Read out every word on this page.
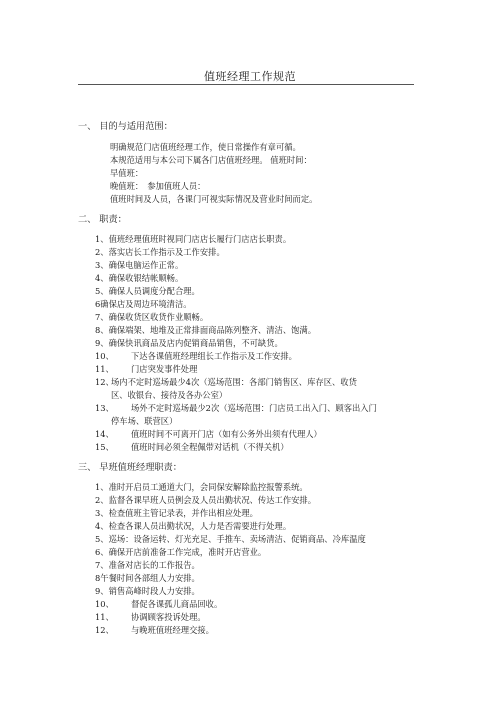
值班经理工作规范
一、 目的与适用范围：
明确规范门店值班经理工作，使日常操作有章可循。
本规范适用与本公司下属各门店值班经理。 值班时间：
早值班：
晚值班：　参加值班人员：
值班时间及人员，各课门可视实际情况及营业时间而定。
二、 职责：
1、值班经理值班时视同门店店长履行门店店长职责。
2、落实店长工作指示及工作安排。
3、确保电脑运作正常。
4、确保收银结帐顺畅。
5、确保人员调度分配合理。
6确保店及周边环境清洁。
7、确保收货区收货作业顺畅。
8、确保端架、地堆及正常排面商品陈列整齐、清洁、饱满。
9、确保快讯商品及店内促销商品销售，不可缺货。
10、 下达各课值班经理组长工作指示及工作安排。
11、 门店突发事件处理
12、场内不定时巡场最少4次（巡场范围：各部门销售区、库存区、收货
区、收银台、接待及各办公室）
13、 场外不定时巡场最少2次（巡场范围：门店员工出入门、顾客出入门
停车场、联营区）
14、 值班时间不可离开门店（如有公务外出须有代理人）
15、 值班时间必须全程佩带对话机（不得关机）
三、 早班值班经理职责：
1、准时开启员工通道大门，会同保安解除监控报警系统。
2、监督各课早班人员例会及人员出勤状况、传达工作安排。
3、检查值班主管记录表，并作出相应处理。
4、检查各课人员出勤状况，人力是否需要进行处理。
5、巡场：设备运转、灯光充足、手推车、卖场清洁、促销商品、冷库温度
6、确保开店前准备工作完成，准时开店营业。
7、准备对店长的工作报告。
8午餐时间各部组人力安排。
9、销售高峰时段人力安排。
10、 督促各课孤儿商品回收。
11、 协调顾客投诉处理。
12、 与晚班值班经理交接。
